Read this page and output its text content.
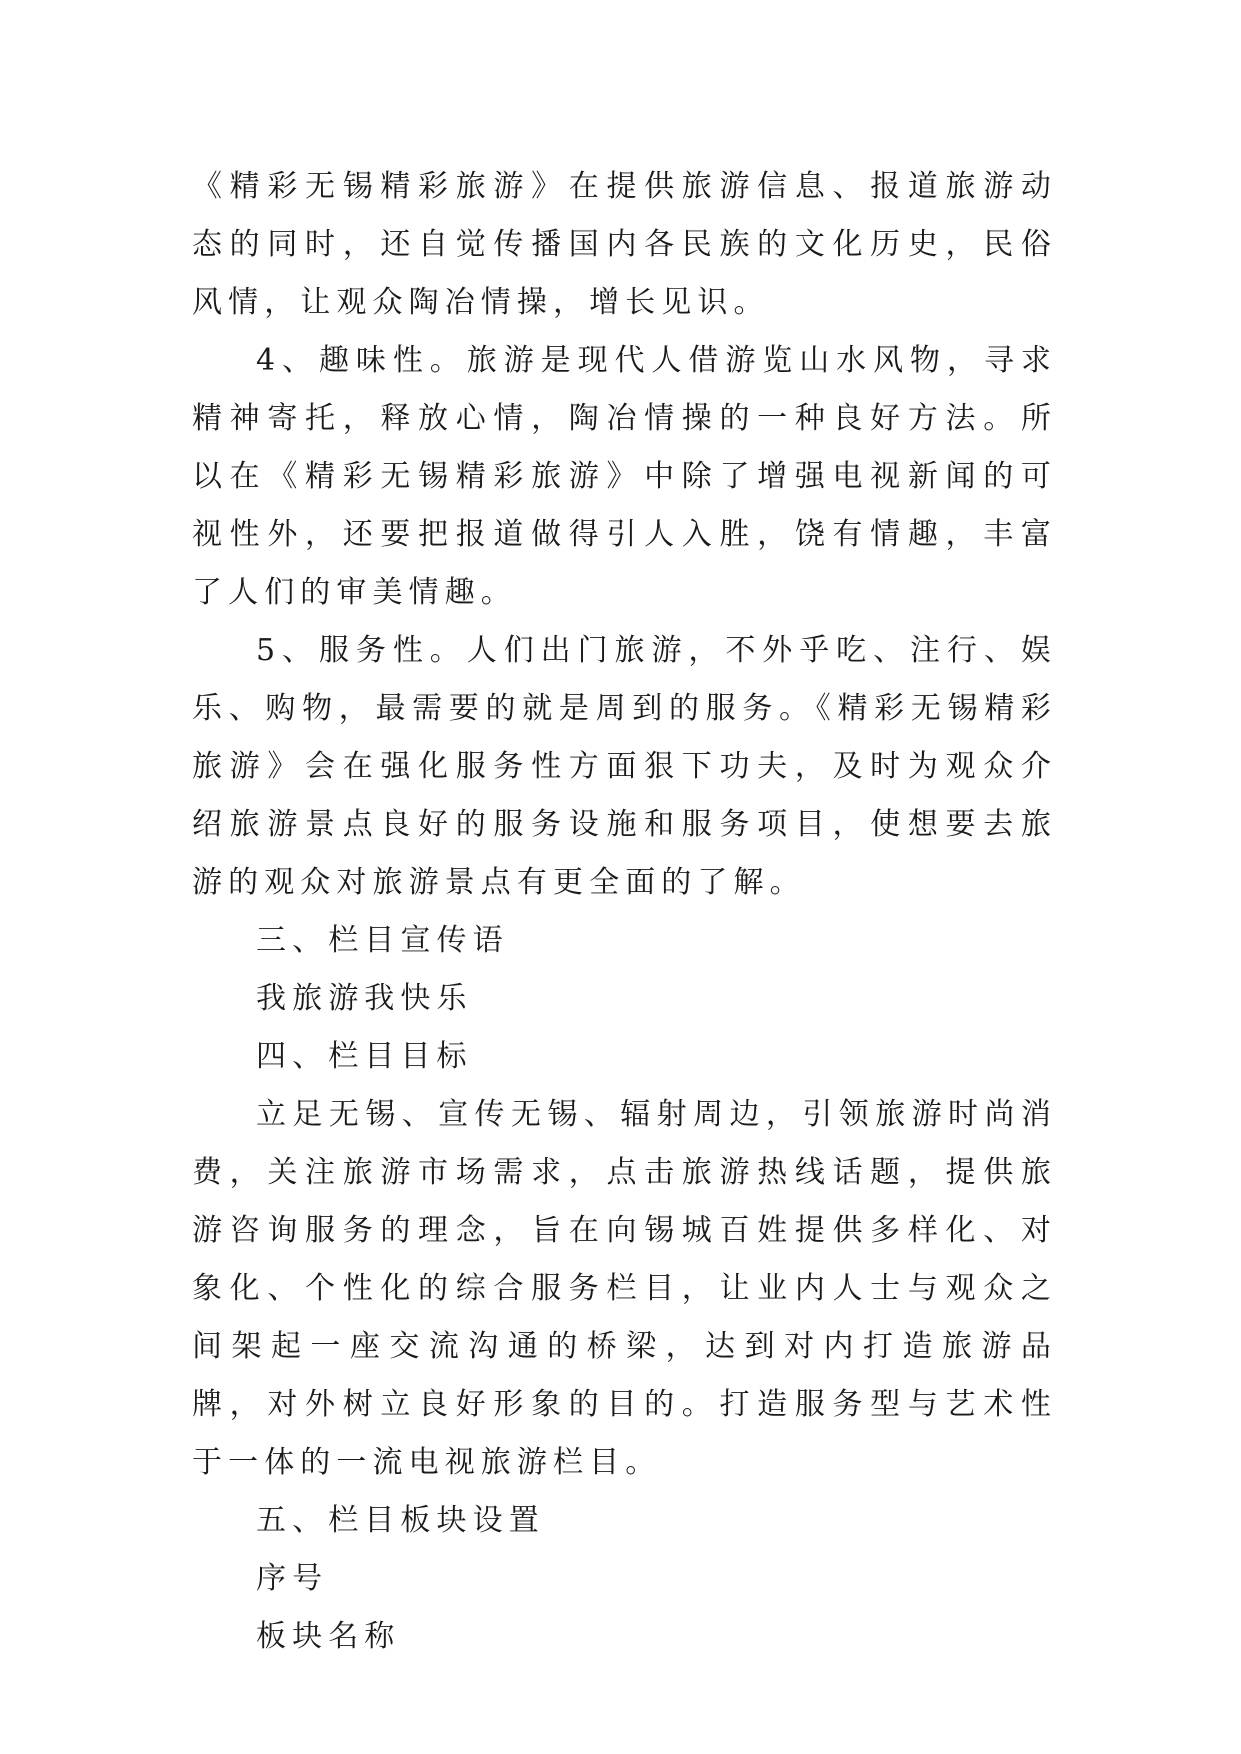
《精彩无锡精彩旅游》在提供旅游信息、报道旅游动态的同时，还自觉传播国内各民族的文化历史，民俗风情，让观众陶冶情操，增长见识。

4、趣味性。旅游是现代人借游览山水风物，寻求精神寄托，释放心情，陶冶情操的一种良好方法。所以在《精彩无锡精彩旅游》中除了增强电视新闻的可视性外，还要把报道做得引人入胜，饶有情趣，丰富了人们的审美情趣。

5、服务性。人们出门旅游，不外乎吃、注行、娱乐、购物，最需要的就是周到的服务。《精彩无锡精彩旅游》会在强化服务性方面狠下功夫，及时为观众介绍旅游景点良好的服务设施和服务项目，使想要去旅游的观众对旅游景点有更全面的了解。

三、栏目宣传语

我旅游我快乐

四、栏目目标

立足无锡、宣传无锡、辐射周边，引领旅游时尚消费，关注旅游市场需求，点击旅游热线话题，提供旅游咨询服务的理念，旨在向锡城百姓提供多样化、对象化、个性化的综合服务栏目，让业内人士与观众之间架起一座交流沟通的桥梁，达到对内打造旅游品牌，对外树立良好形象的目的。打造服务型与艺术性于一体的一流电视旅游栏目。

五、栏目板块设置

序号

板块名称
